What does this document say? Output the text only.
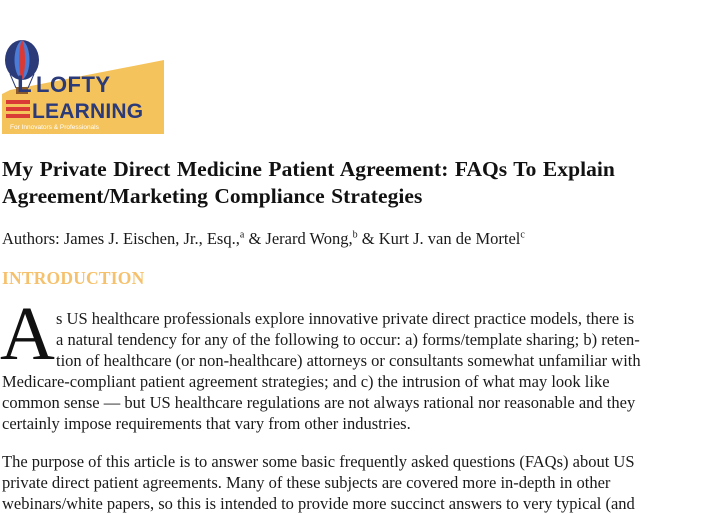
L LOFTY
LEARNING
For Innovators & Professionals
My Private Direct Medicine Patient Agreement: FAQs To Explain
Agreement/Marketing Compliance Strategies

Authors: James J. Eischen, Jr., Esq.,$^a$ & Jerard Wong,$^b$ & Kurt J. van de Mortel$^c$

INTRODUCTION
A s US healthcare professionals explore innovative private direct practice models, there is
a natural tendency for any of the following to occur: a) forms/template sharing; b) reten-
tion of healthcare (or non-healthcare) attorneys or consultants somewhat unfamiliar with
Medicare-compliant patient agreement strategies; and c) the intrusion of what may look like
common sense — but US healthcare regulations are not always rational nor reasonable and they
certainly impose requirements that vary from other industries.
The purpose of this article is to answer some basic frequently asked questions (FAQs) about US
private direct patient agreements. Many of these subjects are covered more in-depth in other
webinars/white papers, so this is intended to provide more succinct answers to very typical (and
